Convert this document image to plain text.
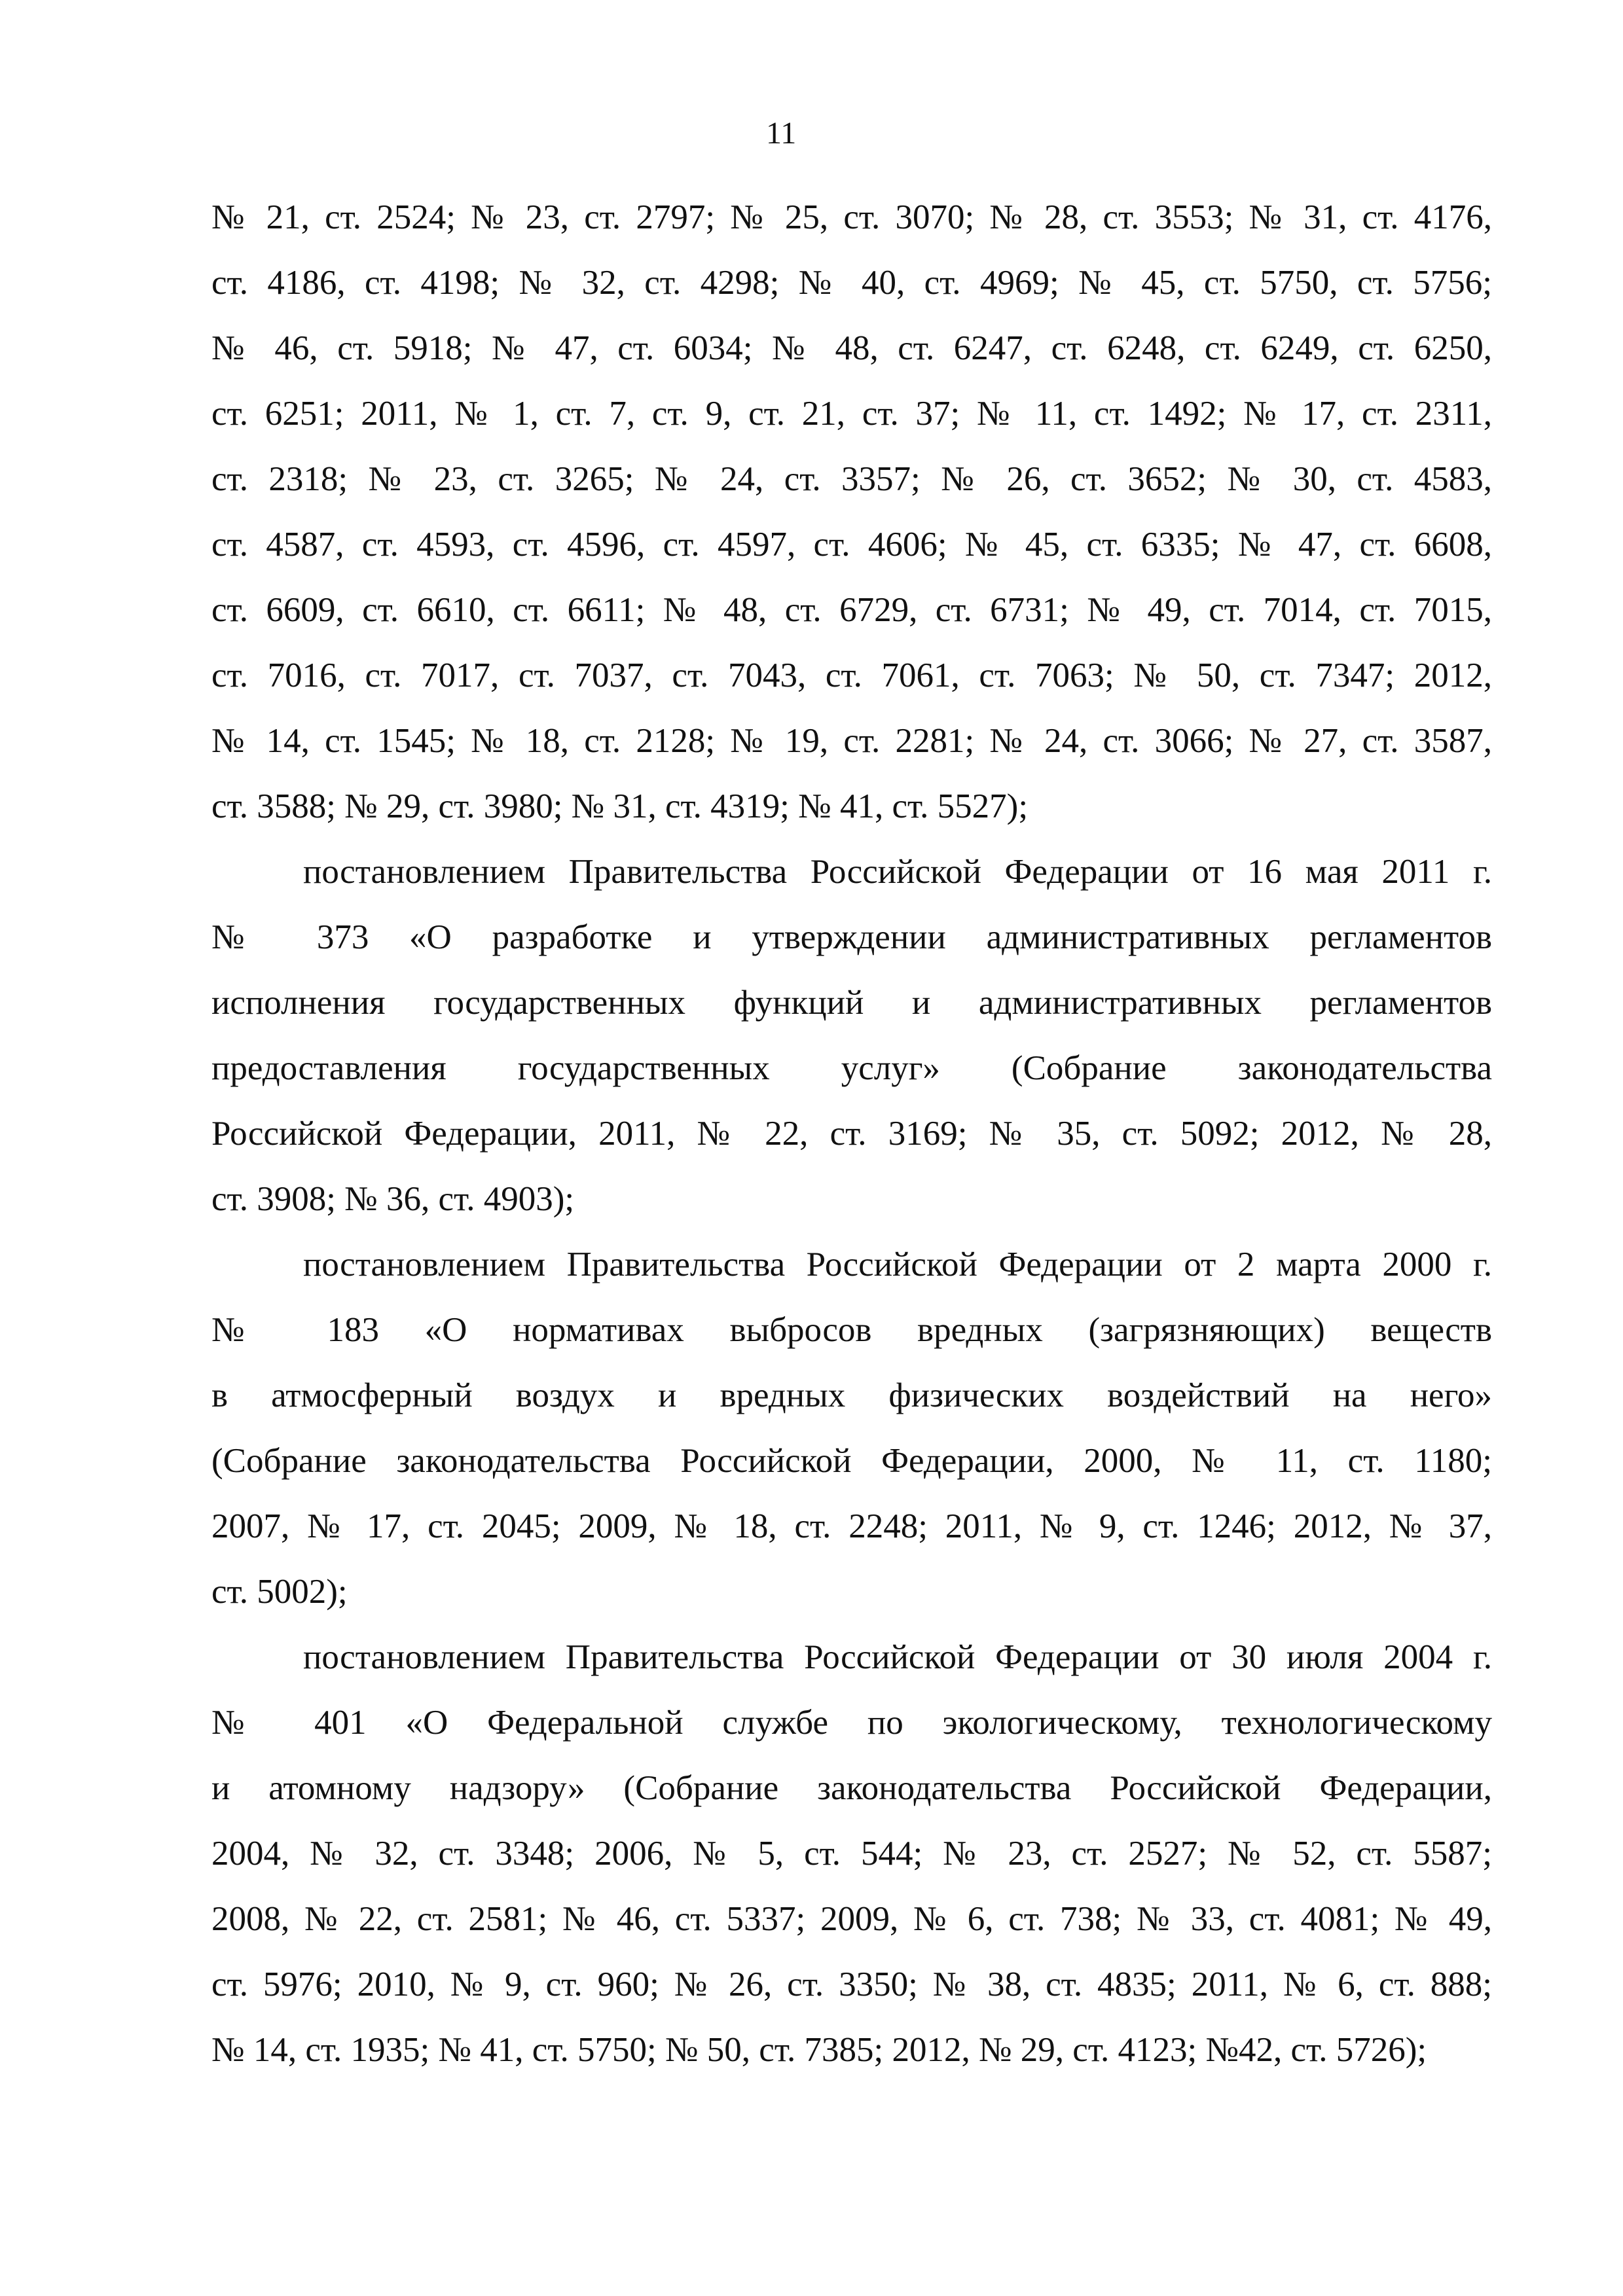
11
№ 21, ст. 2524; № 23, ст. 2797; № 25, ст. 3070; № 28, ст. 3553; № 31, ст. 4176,
ст. 4186, ст. 4198; № 32, ст. 4298; № 40, ст. 4969; № 45, ст. 5750, ст. 5756;
№ 46, ст. 5918; № 47, ст. 6034; № 48, ст. 6247, ст. 6248, ст. 6249, ст. 6250,
ст. 6251; 2011, № 1, ст. 7, ст. 9, ст. 21, ст. 37; № 11, ст. 1492; № 17, ст. 2311,
ст. 2318; № 23, ст. 3265; № 24, ст. 3357; № 26, ст. 3652; № 30, ст. 4583,
ст. 4587, ст. 4593, ст. 4596, ст. 4597, ст. 4606; № 45, ст. 6335; № 47, ст. 6608,
ст. 6609, ст. 6610, ст. 6611; № 48, ст. 6729, ст. 6731; № 49, ст. 7014, ст. 7015,
ст. 7016, ст. 7017, ст. 7037, ст. 7043, ст. 7061, ст. 7063; № 50, ст. 7347; 2012,
№ 14, ст. 1545; № 18, ст. 2128; № 19, ст. 2281; № 24, ст. 3066; № 27, ст. 3587,
ст. 3588; № 29, ст. 3980; № 31, ст. 4319; № 41, ст. 5527);
постановлением Правительства Российской Федерации от 16 мая 2011 г.
№ 373 «О разработке и утверждении административных регламентов
исполнения государственных функций и административных регламентов
предоставления государственных услуг» (Собрание законодательства
Российской Федерации, 2011, № 22, ст. 3169; № 35, ст. 5092; 2012, № 28,
ст. 3908; № 36, ст. 4903);
постановлением Правительства Российской Федерации от 2 марта 2000 г.
№ 183 «О нормативах выбросов вредных (загрязняющих) веществ
в атмосферный воздух и вредных физических воздействий на него»
(Собрание законодательства Российской Федерации, 2000, № 11, ст. 1180;
2007, № 17, ст. 2045; 2009, № 18, ст. 2248; 2011, № 9, ст. 1246; 2012, № 37,
ст. 5002);
постановлением Правительства Российской Федерации от 30 июля 2004 г.
№ 401 «О Федеральной службе по экологическому, технологическому
и атомному надзору» (Собрание законодательства Российской Федерации,
2004, № 32, ст. 3348; 2006, № 5, ст. 544; № 23, ст. 2527; № 52, ст. 5587;
2008, № 22, ст. 2581; № 46, ст. 5337; 2009, № 6, ст. 738; № 33, ст. 4081; № 49,
ст. 5976; 2010, № 9, ст. 960; № 26, ст. 3350; № 38, ст. 4835; 2011, № 6, ст. 888;
№ 14, ст. 1935; № 41, ст. 5750; № 50, ст. 7385; 2012, № 29, ст. 4123; №42, ст. 5726);
